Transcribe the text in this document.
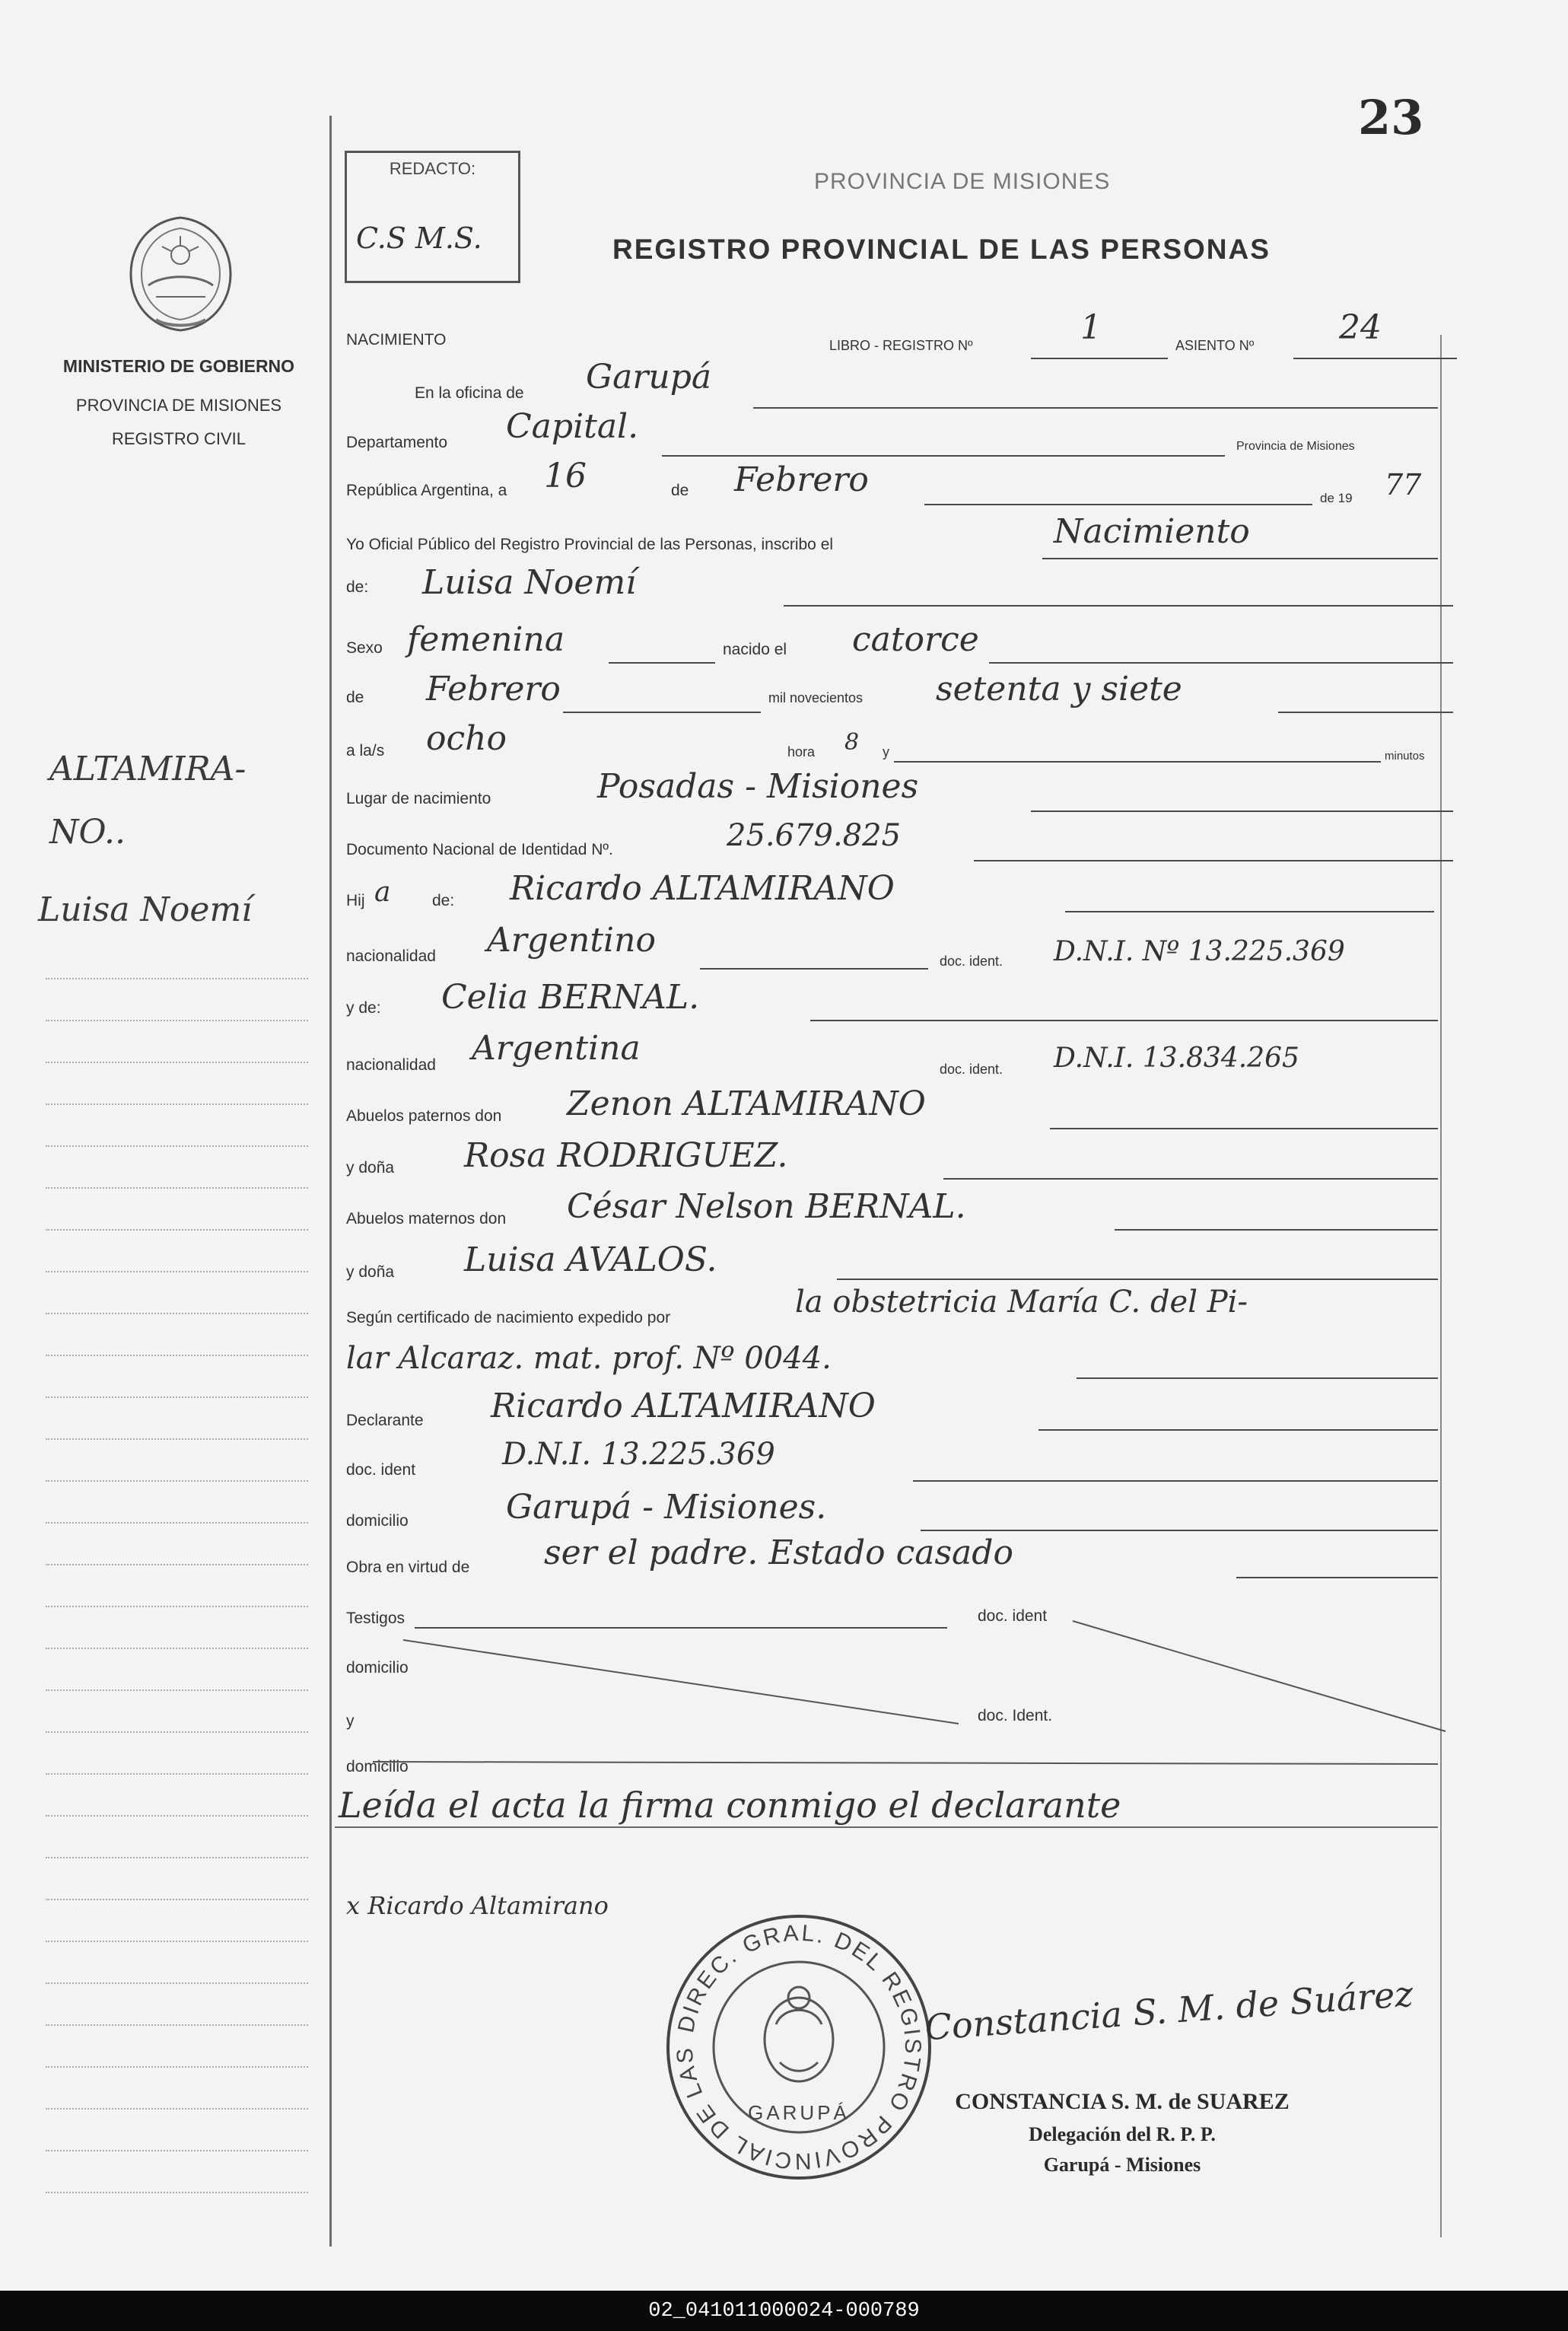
23
REDACTO:
C.S M.S.
PROVINCIA DE MISIONES
REGISTRO PROVINCIAL DE LAS PERSONAS
MINISTERIO DE GOBIERNO
PROVINCIA DE MISIONES
REGISTRO CIVIL
ALTAMIRA-
NO..
Luisa Noemí
NACIMIENTO	LIBRO - REGISTRO Nº	1	ASIENTO Nº	24
En la oficina de Garupá
Departamento Capital.
Provincia de Misiones
República Argentina, a 16	de Febrero	de 19 77
Yo Oficial Público del Registro Provincial de las Personas, inscribo el	Nacimiento
de: Luisa Noemí
Sexo femenina	nacido el catorce
de Febrero	mil novecientos setenta y siete
a la/s ocho	hora 8 y	minutos
Lugar de nacimiento	Posadas - Misiones
Documento Nacional de Identidad Nº.	25.679.825
Hij a	de: Ricardo ALTAMIRANO
nacionalidad Argentino
doc. ident. D.N.I. Nº 13.225.369
y de: Celia BERNAL.
nacionalidad Argentina
doc. ident. D.N.I. 13.834.265
Abuelos paternos don Zenon ALTAMIRANO
y doña Rosa RODRIGUEZ.
Abuelos maternos don César Nelson BERNAL.
y doña Luisa AVALOS.
Según certificado de nacimiento expedido por	la obstetricia María C. del Pi-
lar Alcaraz. mat. prof. Nº 0044.
Declarante Ricardo ALTAMIRANO
doc. ident	D.N.I. 13.225.369
domicilio	Garupá - Misiones.
Obra en virtud de ser el padre. Estado casado
Testigos	doc. ident
domicilio
y	doc. Ident.
domicilio
Leída el acta la firma conmigo el declarante
x Ricardo Altamirano
DIREC. GRAL. DEL REGISTRO PROVINCIAL DE LAS
GARUPÁ
Constancia S. M. de Suárez
CONSTANCIA S. M. de SUAREZ
Delegación del R. P. P.
Garupá - Misiones
02_041011000024-000789
